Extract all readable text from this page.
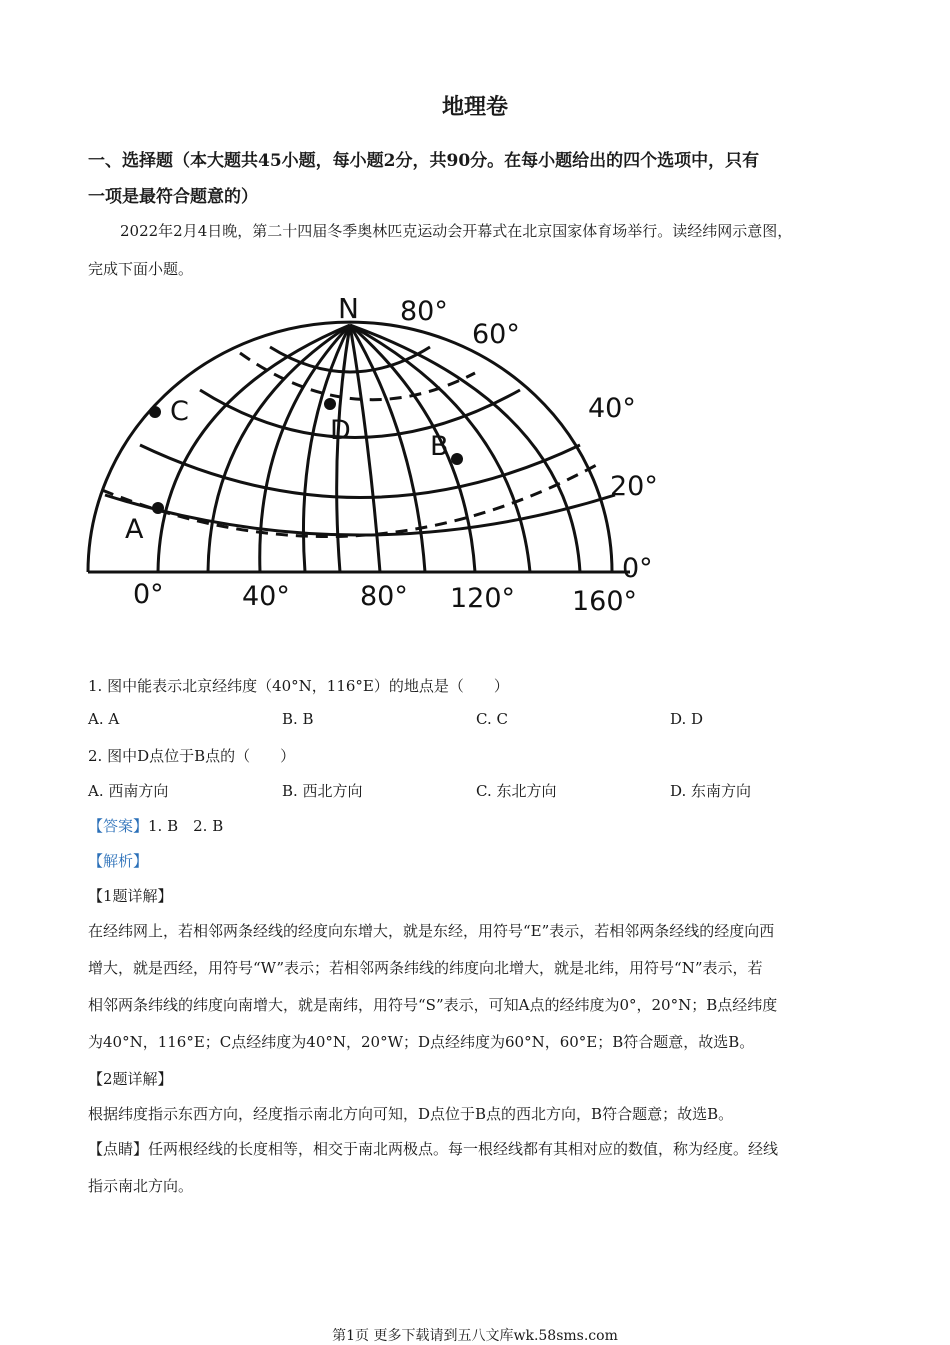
地理卷
一、选择题（本大题共45小题，每小题2分，共90分。在每小题给出的四个选项中，只有
一项是最符合题意的）
2022年2月4日晚，第二十四届冬季奥林匹克运动会开幕式在北京国家体育场举行。读经纬网示意图，
完成下面小题。
N 80°
60°
40°
20°
0°
0°	40°	80° 120° 160°
A
B
C
D
1. 图中能表示北京经纬度（40°N，116°E）的地点是（　　）
A. A	B. B	C. C	D. D
2. 图中D点位于B点的（　　）
A. 西南方向	B. 西北方向	C. 东北方向	D. 东南方向
【答案】1. B　2. B
【解析】
【1题详解】
在经纬网上，若相邻两条经线的经度向东增大，就是东经，用符号“E”表示，若相邻两条经线的经度向西
增大，就是西经，用符号“W”表示；若相邻两条纬线的纬度向北增大，就是北纬，用符号“N”表示，若
相邻两条纬线的纬度向南增大，就是南纬，用符号“S”表示，可知A点的经纬度为0°，20°N；B点经纬度
为40°N，116°E；C点经纬度为40°N，20°W；D点经纬度为60°N，60°E；B符合题意，故选B。
【2题详解】
根据纬度指示东西方向，经度指示南北方向可知，D点位于B点的西北方向，B符合题意；故选B。
【点睛】任两根经线的长度相等，相交于南北两极点。每一根经线都有其相对应的数值，称为经度。经线
指示南北方向。
第1页 更多下载请到五八文库wk.58sms.com
